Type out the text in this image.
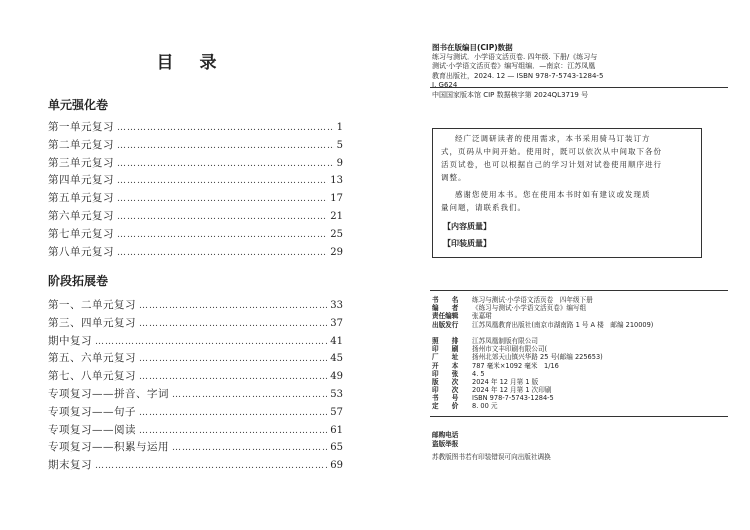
目 录
单元强化卷
第一单元复习 …………………………………………………………………………………………………………………………………………	1
第二单元复习 …………………………………………………………………………………………………………………………………………	5
第三单元复习 …………………………………………………………………………………………………………………………………………	9
第四单元复习 …………………………………………………………………………………………………………………………………………	13
第五单元复习 …………………………………………………………………………………………………………………………………………	17
第六单元复习 …………………………………………………………………………………………………………………………………………	21
第七单元复习 …………………………………………………………………………………………………………………………………………	25
第八单元复习 …………………………………………………………………………………………………………………………………………	29
阶段拓展卷
第一、二单元复习 …………………………………………………………………………………………………………………………………………	33
第三、四单元复习 …………………………………………………………………………………………………………………………………………	37
期中复习 …………………………………………………………………………………………………………………………………………	41
第五、六单元复习 …………………………………………………………………………………………………………………………………………	45
第七、八单元复习 …………………………………………………………………………………………………………………………………………	49
专项复习——拼音、字词 …………………………………………………………………………………………………………………………………………	53
专项复习——句子 …………………………………………………………………………………………………………………………………………	57
专项复习——阅读 …………………………………………………………………………………………………………………………………………	61
专项复习——积累与运用 …………………………………………………………………………………………………………………………………………	65
期末复习 …………………………………………………………………………………………………………………………………………	69
图书在版编目(CIP)数据
练习与测试．小学语文活页卷. 四年级. 下册/《练习与
测试·小学语文活页卷》编写组编．—南京：江苏凤凰
教育出版社，2024. 12 — ISBN 978-7-5743-1284-5
Ⅰ. G624
中国国家版本馆 CIP 数据核字第 2024QL3719 号
经广泛调研读者的使用需求，本书采用骑马订装订方
式，页码从中间开始。使用时，既可以依次从中间取下各份
活页试卷，也可以根据自己的学习计划对试卷使用顺序进行
调整。
感谢您使用本书。您在使用本书时如有建议或发现质
量问题，请联系我们。
【内容质量】
【印装质量】
书　　名	练习与测试·小学语文活页卷　四年级下册
编　　者	《练习与测试·小学语文活页卷》编写组
责任编辑	张嘉珺
出版发行	江苏凤凰教育出版社(南京市湖南路 1 号 A 楼　邮编 210009)
照　　排	江苏凤凰制版有限公司
印　　刷	扬州市文丰印刷有限公司(
厂　　址	扬州北郊天山镇兴华路 25 号(邮编 225653)
开　　本	787 毫米×1092 毫米　1/16
印　　张	4. 5
版　　次	2024 年 12 月第 1 版
印　　次	2024 年 12 月第 1 次印刷
书　　号	ISBN 978-7-5743-1284-5
定　　价	8. 00 元
邮购电话
盗版举报
苏教版图书若有印装错误可向出版社调换
